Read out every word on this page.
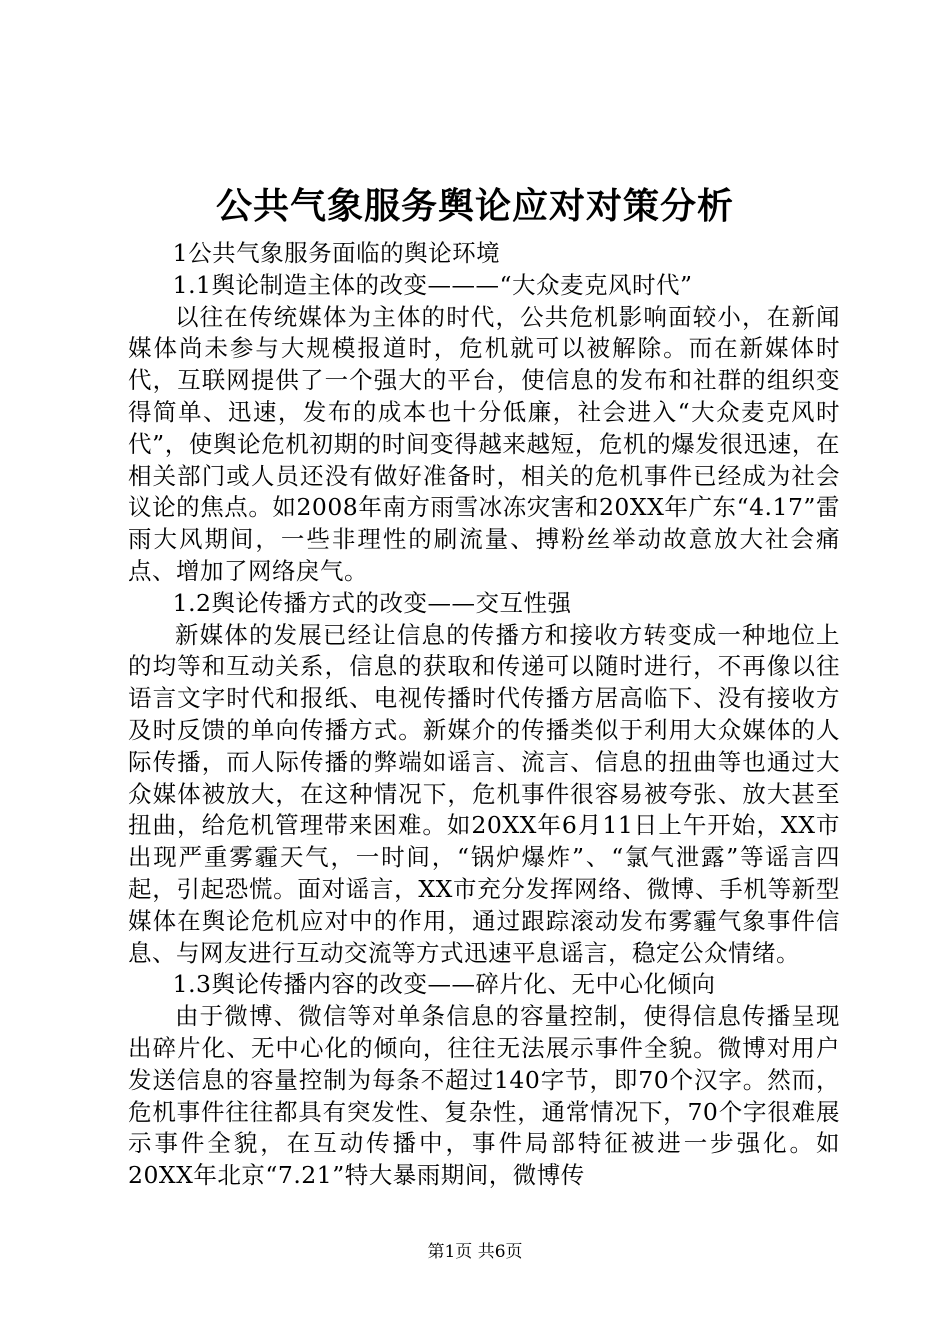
公共气象服务舆论应对对策分析

1公共气象服务面临的舆论环境

1.1舆论制造主体的改变———“大众麦克风时代”

以往在传统媒体为主体的时代，公共危机影响面较小，在新闻媒体尚未参与大规模报道时，危机就可以被解除。而在新媒体时代，互联网提供了一个强大的平台，使信息的发布和社群的组织变得简单、迅速，发布的成本也十分低廉，社会进入“大众麦克风时代”，使舆论危机初期的时间变得越来越短，危机的爆发很迅速，在相关部门或人员还没有做好准备时，相关的危机事件已经成为社会议论的焦点。如2008年南方雨雪冰冻灾害和20XX年广东“4.17”雷雨大风期间，一些非理性的刷流量、搏粉丝举动故意放大社会痛点、增加了网络戾气。

1.2舆论传播方式的改变——交互性强

新媒体的发展已经让信息的传播方和接收方转变成一种地位上的均等和互动关系，信息的获取和传递可以随时进行，不再像以往语言文字时代和报纸、电视传播时代传播方居高临下、没有接收方及时反馈的单向传播方式。新媒介的传播类似于利用大众媒体的人际传播，而人际传播的弊端如谣言、流言、信息的扭曲等也通过大众媒体被放大，在这种情况下，危机事件很容易被夸张、放大甚至扭曲，给危机管理带来困难。如20XX年6月11日上午开始，XX市出现严重雾霾天气，一时间，“锅炉爆炸”、“氯气泄露”等谣言四起，引起恐慌。面对谣言，XX市充分发挥网络、微博、手机等新型媒体在舆论危机应对中的作用，通过跟踪滚动发布雾霾气象事件信息、与网友进行互动交流等方式迅速平息谣言，稳定公众情绪。

1.3舆论传播内容的改变——碎片化、无中心化倾向

由于微博、微信等对单条信息的容量控制，使得信息传播呈现出碎片化、无中心化的倾向，往往无法展示事件全貌。微博对用户发送信息的容量控制为每条不超过140字节，即70个汉字。然而，危机事件往往都具有突发性、复杂性，通常情况下，70个字很难展示事件全貌，在互动传播中，事件局部特征被进一步强化。如20XX年北京“7.21”特大暴雨期间，微博传

第1页 共6页
